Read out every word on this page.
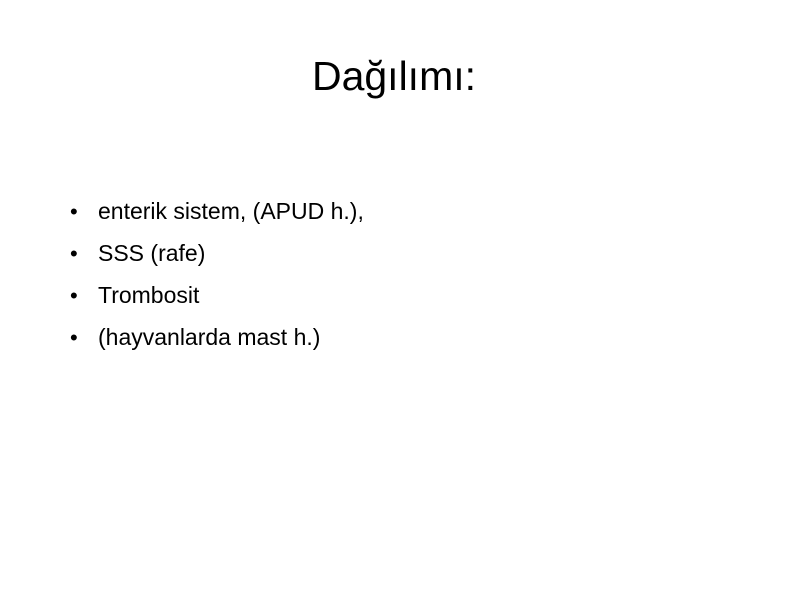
Dağılımı:
• enterik sistem, (APUD h.),
• SSS (rafe)
• Trombosit
• (hayvanlarda mast h.)
